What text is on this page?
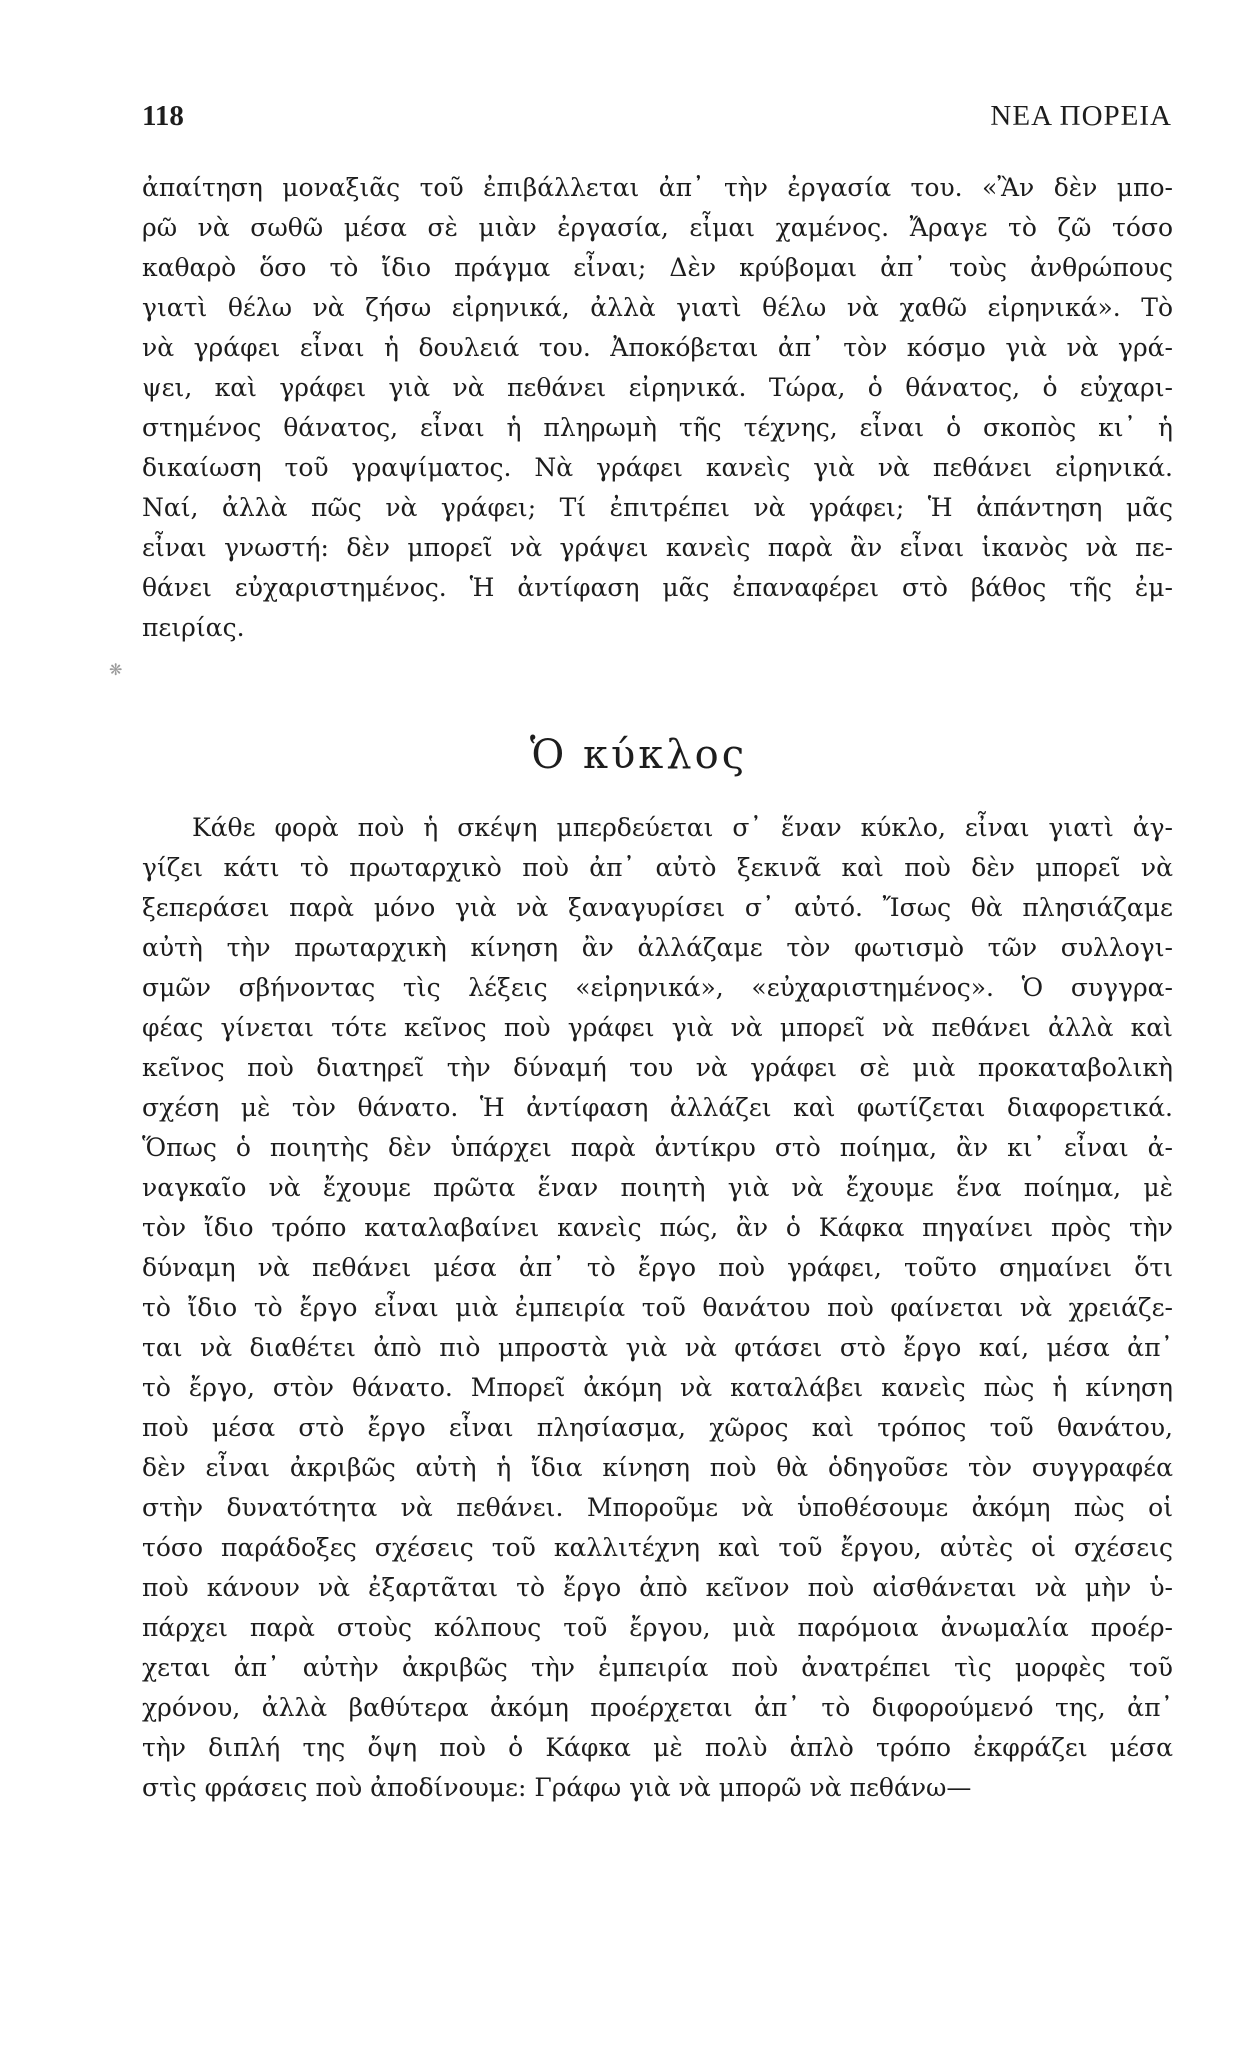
118	ΝΕΑ ΠΟΡΕΙΑ
ἀπαίτηση μοναξιᾶς τοῦ ἐπιβάλλεται ἀπ᾽ τὴν ἐργασία του. «Ἂν δὲν μπο-
ρῶ νὰ σωθῶ μέσα σὲ μιὰν ἐργασία, εἶμαι χαμένος. Ἄραγε τὸ ζῶ τόσο
καθαρὸ ὅσο τὸ ἴδιο πράγμα εἶναι; Δὲν κρύβομαι ἀπ᾽ τοὺς ἀνθρώπους
γιατὶ θέλω νὰ ζήσω εἰρηνικά, ἀλλὰ γιατὶ θέλω νὰ χαθῶ εἰρηνικά». Τὸ
νὰ γράφει εἶναι ἡ δουλειά του. Ἀποκόβεται ἀπ᾽ τὸν κόσμο γιὰ νὰ γρά-
ψει, καὶ γράφει γιὰ νὰ πεθάνει εἰρηνικά. Τώρα, ὁ θάνατος, ὁ εὐχαρι-
στημένος θάνατος, εἶναι ἡ πληρωμὴ τῆς τέχνης, εἶναι ὁ σκοπὸς κι᾽ ἡ
δικαίωση τοῦ γραψίματος. Νὰ γράφει κανεὶς γιὰ νὰ πεθάνει εἰρηνικά.
Ναί, ἀλλὰ πῶς νὰ γράφει; Τί ἐπιτρέπει νὰ γράφει; Ἡ ἀπάντηση μᾶς
εἶναι γνωστή: δὲν μπορεῖ νὰ γράψει κανεὶς παρὰ ἂν εἶναι ἱκανὸς νὰ πε-
θάνει εὐχαριστημένος. Ἡ ἀντίφαση μᾶς ἐπαναφέρει στὸ βάθος τῆς ἐμ-
πειρίας.
❋
Ὁ κύκλος
Κάθε φορὰ ποὺ ἡ σκέψη μπερδεύεται σ᾽ ἕναν κύκλο, εἶναι γιατὶ ἀγ-
γίζει κάτι τὸ πρωταρχικὸ ποὺ ἀπ᾽ αὐτὸ ξεκινᾶ καὶ ποὺ δὲν μπορεῖ νὰ
ξεπεράσει παρὰ μόνο γιὰ νὰ ξαναγυρίσει σ᾽ αὐτό. Ἴσως θὰ πλησιάζαμε
αὐτὴ τὴν πρωταρχικὴ κίνηση ἂν ἀλλάζαμε τὸν φωτισμὸ τῶν συλλογι-
σμῶν σβήνοντας τὶς λέξεις «εἰρηνικά», «εὐχαριστημένος». Ὁ συγγρα-
φέας γίνεται τότε κεῖνος ποὺ γράφει γιὰ νὰ μπορεῖ νὰ πεθάνει ἀλλὰ καὶ
κεῖνος ποὺ διατηρεῖ τὴν δύναμή του νὰ γράφει σὲ μιὰ προκαταβολικὴ
σχέση μὲ τὸν θάνατο. Ἡ ἀντίφαση ἀλλάζει καὶ φωτίζεται διαφορετικά.
Ὅπως ὁ ποιητὴς δὲν ὑπάρχει παρὰ ἀντίκρυ στὸ ποίημα, ἂν κι᾽ εἶναι ἀ-
ναγκαῖο νὰ ἔχουμε πρῶτα ἕναν ποιητὴ γιὰ νὰ ἔχουμε ἕνα ποίημα, μὲ
τὸν ἴδιο τρόπο καταλαβαίνει κανεὶς πώς, ἂν ὁ Κάφκα πηγαίνει πρὸς τὴν
δύναμη νὰ πεθάνει μέσα ἀπ᾽ τὸ ἔργο ποὺ γράφει, τοῦτο σημαίνει ὅτι
τὸ ἴδιο τὸ ἔργο εἶναι μιὰ ἐμπειρία τοῦ θανάτου ποὺ φαίνεται νὰ χρειάζε-
ται νὰ διαθέτει ἀπὸ πιὸ μπροστὰ γιὰ νὰ φτάσει στὸ ἔργο καί, μέσα ἀπ᾽
τὸ ἔργο, στὸν θάνατο. Μπορεῖ ἀκόμη νὰ καταλάβει κανεὶς πὼς ἡ κίνηση
ποὺ μέσα στὸ ἔργο εἶναι πλησίασμα, χῶρος καὶ τρόπος τοῦ θανάτου,
δὲν εἶναι ἀκριβῶς αὐτὴ ἡ ἴδια κίνηση ποὺ θὰ ὁδηγοῦσε τὸν συγγραφέα
στὴν δυνατότητα νὰ πεθάνει. Μποροῦμε νὰ ὑποθέσουμε ἀκόμη πὼς οἱ
τόσο παράδοξες σχέσεις τοῦ καλλιτέχνη καὶ τοῦ ἔργου, αὐτὲς οἱ σχέσεις
ποὺ κάνουν νὰ ἐξαρτᾶται τὸ ἔργο ἀπὸ κεῖνον ποὺ αἰσθάνεται νὰ μὴν ὑ-
πάρχει παρὰ στοὺς κόλπους τοῦ ἔργου, μιὰ παρόμοια ἀνωμαλία προέρ-
χεται ἀπ᾽ αὐτὴν ἀκριβῶς τὴν ἐμπειρία ποὺ ἀνατρέπει τὶς μορφὲς τοῦ
χρόνου, ἀλλὰ βαθύτερα ἀκόμη προέρχεται ἀπ᾽ τὸ διφορούμενό της, ἀπ᾽
τὴν διπλή της ὄψη ποὺ ὁ Κάφκα μὲ πολὺ ἁπλὸ τρόπο ἐκφράζει μέσα
στὶς φράσεις ποὺ ἀποδίνουμε: Γράφω γιὰ νὰ μπορῶ νὰ πεθάνω—
